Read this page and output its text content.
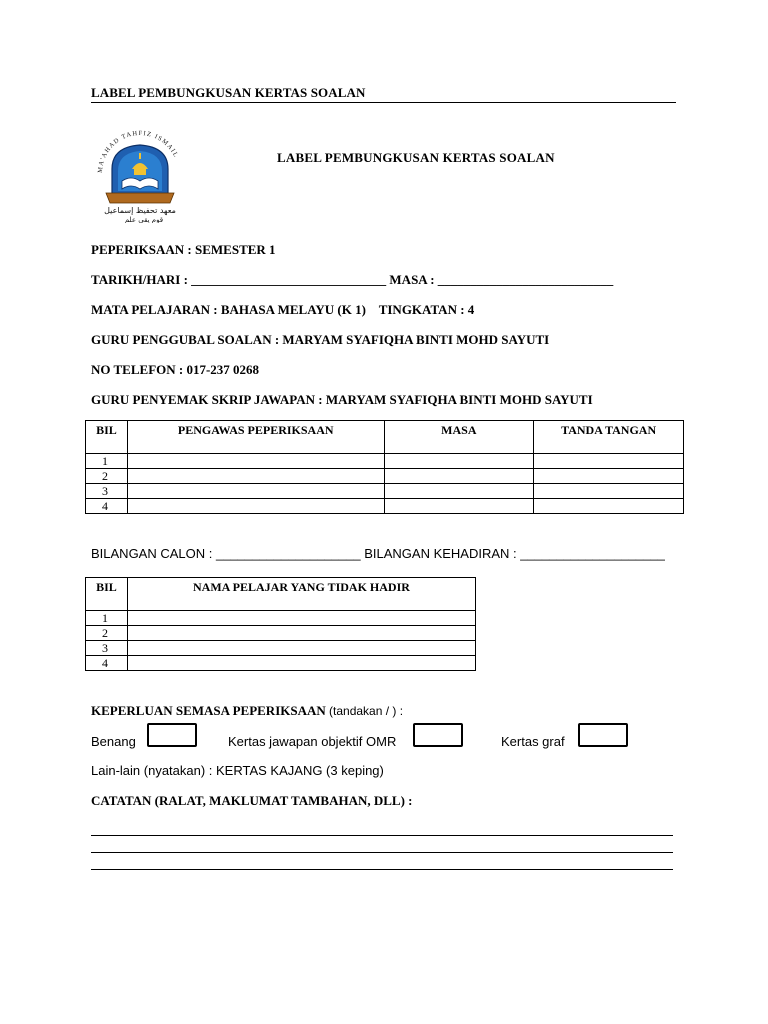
LABEL PEMBUNGKUSAN KERTAS SOALAN
MA'AHAD TAHFIZ ISMAIL
معهد تحفيظ إسماعيل
قوم يقي علم
LABEL PEMBUNGKUSAN KERTAS SOALAN
PEPERIKSAAN : SEMESTER 1
TARIKH/HARI : ______________________________ MASA : ___________________________
MATA PELAJARAN : BAHASA MELAYU (K 1) TINGKATAN : 4
GURU PENGGUBAL SOALAN : MARYAM SYAFIQHA BINTI MOHD SAYUTI
NO TELEFON : 017-237 0268
GURU PENYEMAK SKRIP JAWAPAN : MARYAM SYAFIQHA BINTI MOHD SAYUTI
BIL	PENGAWAS PEPERIKSAAN	MASA	TANDA TANGAN
1			
2			
3			
4			
BILANGAN CALON : ____________________ BILANGAN KEHADIRAN : ____________________
BIL	NAMA PELAJAR YANG TIDAK HADIR
1	
2	
3	
4	
KEPERLUAN SEMASA PEPERIKSAAN (tandakan / ) :
Benang	Kertas jawapan objektif OMR	Kertas graf
Lain-lain (nyatakan) : KERTAS KAJANG (3 keping)
CATATAN (RALAT, MAKLUMAT TAMBAHAN, DLL) :
